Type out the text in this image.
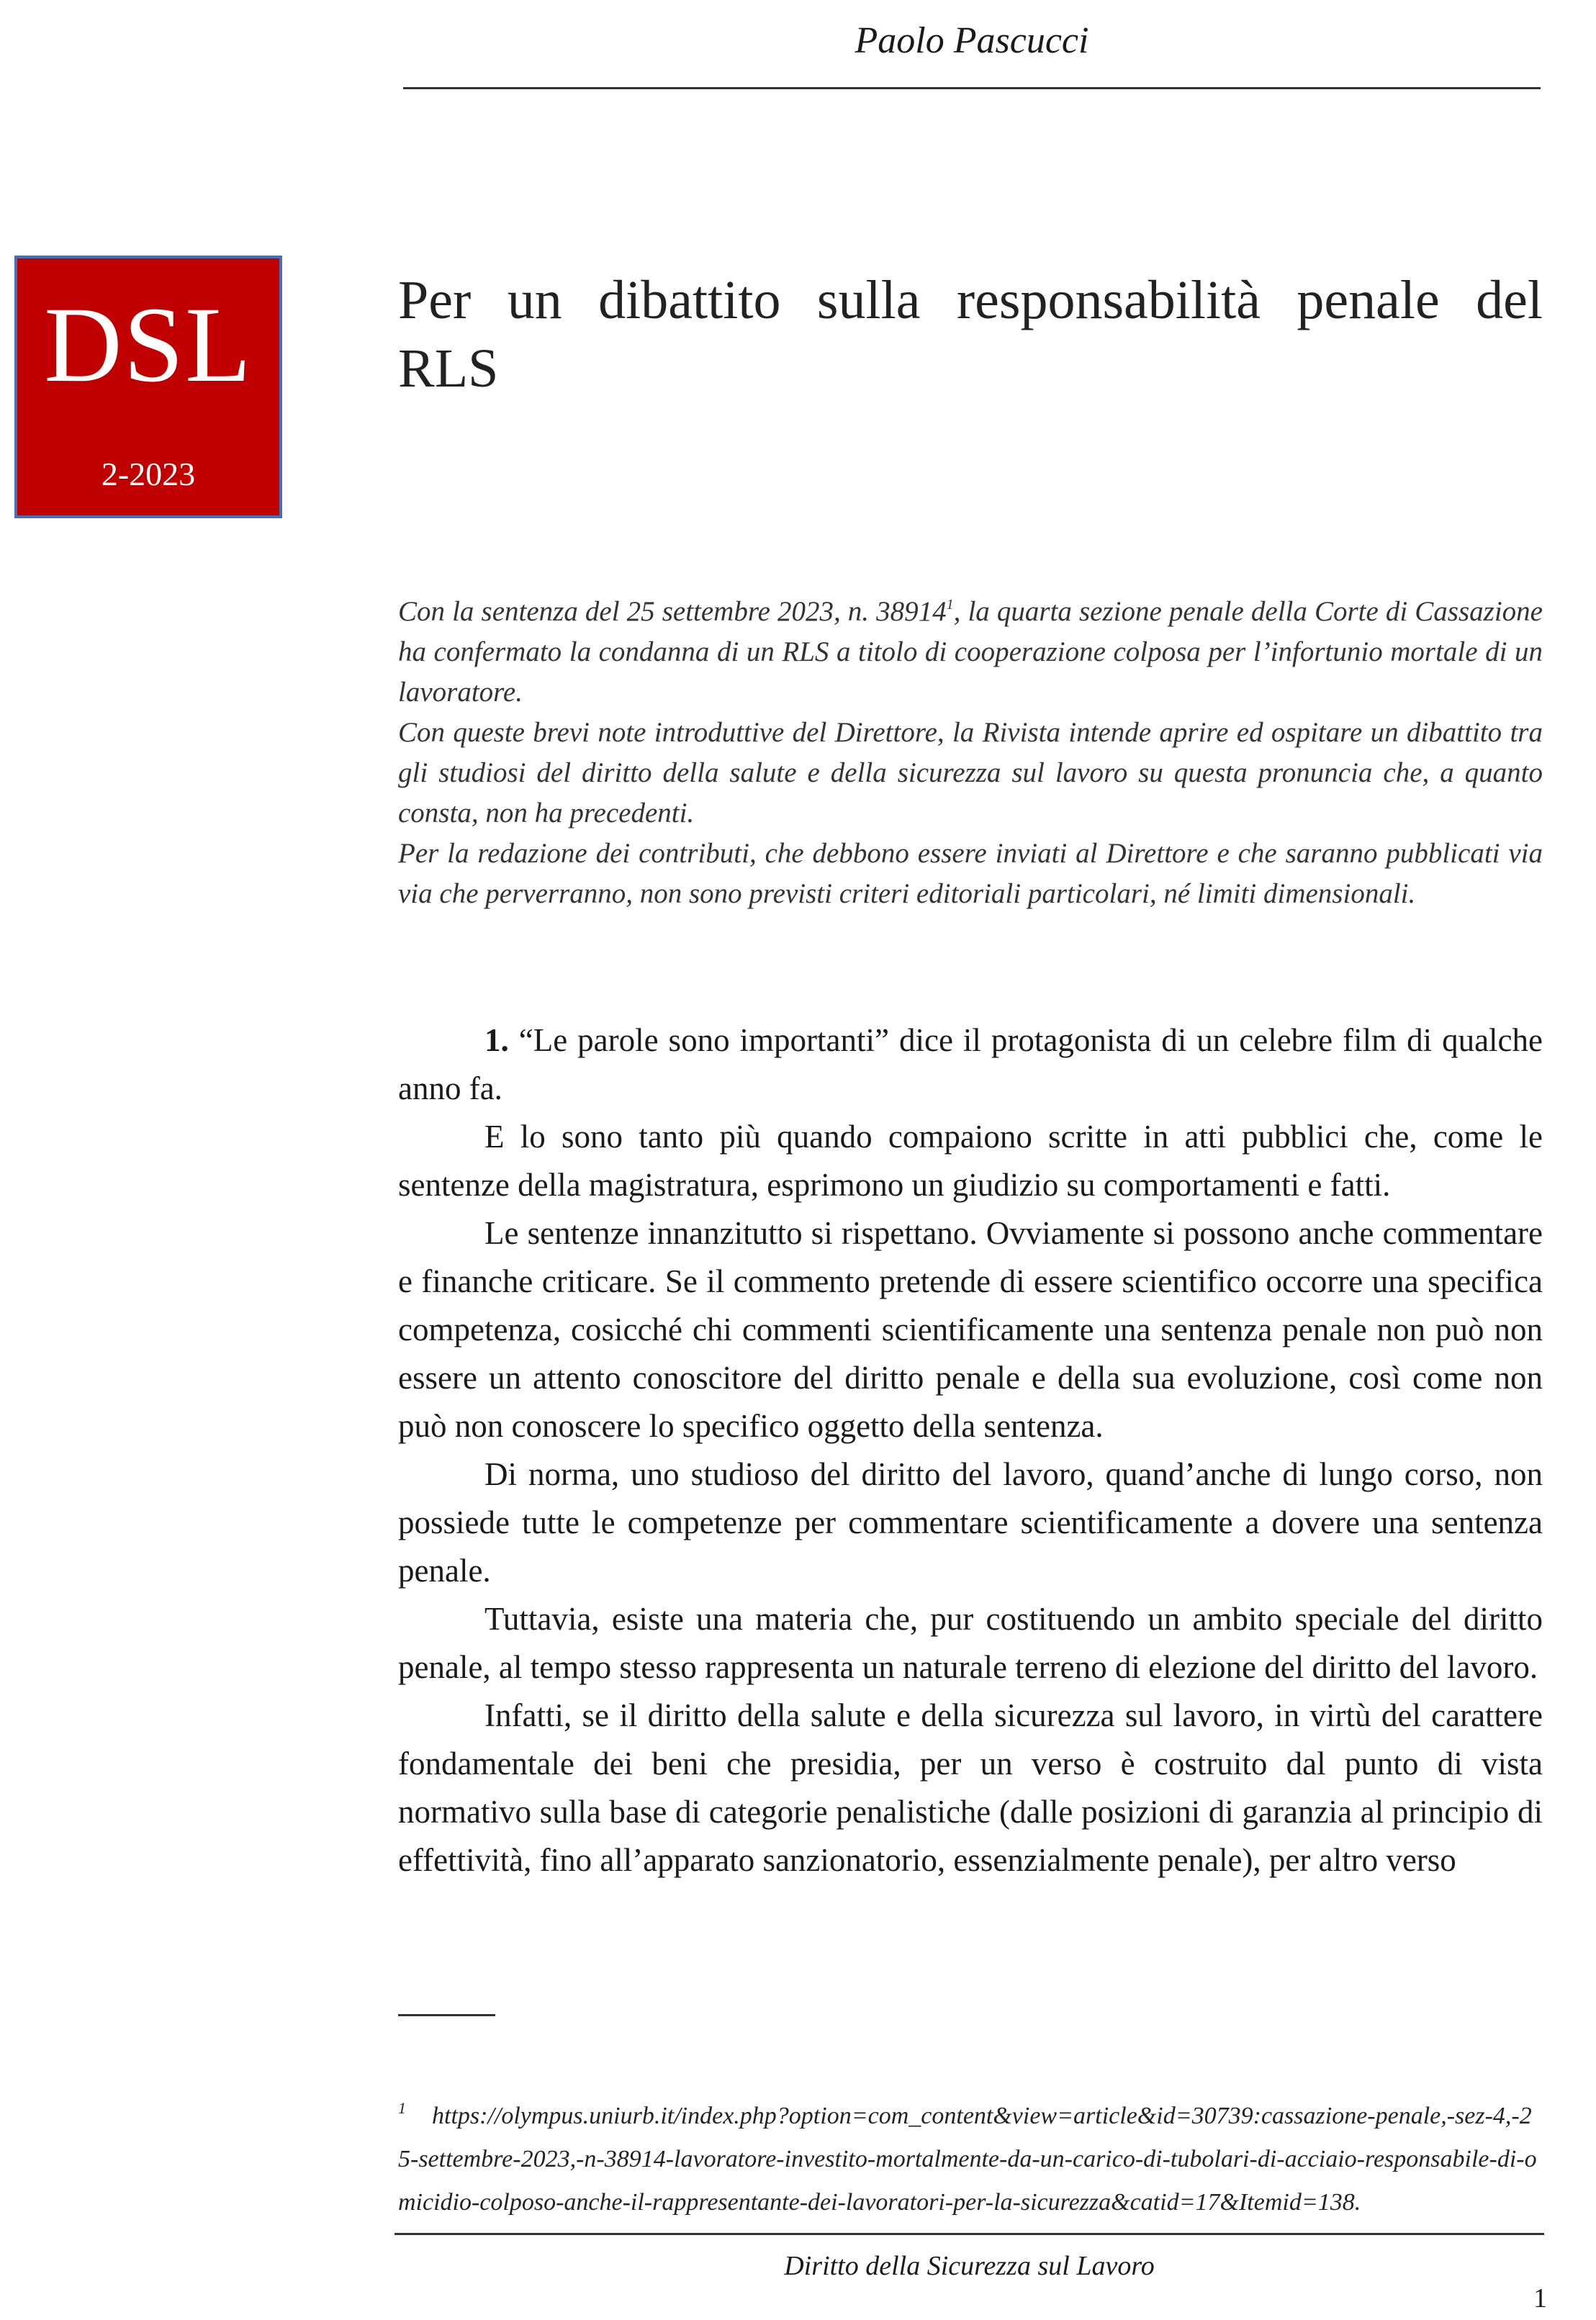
Paolo Pascucci
DSL
2-2023
Per un dibattito sulla responsabilità penale del RLS

Con la sentenza del 25 settembre 2023, n. 38914$^1$, la quarta sezione penale della Corte di Cassazione ha confermato la condanna di un RLS a titolo di cooperazione colposa per l’infortunio mortale di un lavoratore.

Con queste brevi note introduttive del Direttore, la Rivista intende aprire ed ospitare un dibattito tra gli studiosi del diritto della salute e della sicurezza sul lavoro su questa pronuncia che, a quanto consta, non ha precedenti.

Per la redazione dei contributi, che debbono essere inviati al Direttore e che saranno pubblicati via via che perverranno, non sono previsti criteri editoriali particolari, né limiti dimensionali.

1. “Le parole sono importanti” dice il protagonista di un celebre film di qualche anno fa.

E lo sono tanto più quando compaiono scritte in atti pubblici che, come le sentenze della magistratura, esprimono un giudizio su comportamenti e fatti.

Le sentenze innanzitutto si rispettano. Ovviamente si possono anche commentare e finanche criticare. Se il commento pretende di essere scientifico occorre una specifica competenza, cosicché chi commenti scientificamente una sentenza penale non può non essere un attento conoscitore del diritto penale e della sua evoluzione, così come non può non conoscere lo specifico oggetto della sentenza.

Di norma, uno studioso del diritto del lavoro, quand’anche di lungo corso, non possiede tutte le competenze per commentare scientificamente a dovere una sentenza penale.

Tuttavia, esiste una materia che, pur costituendo un ambito speciale del diritto penale, al tempo stesso rappresenta un naturale terreno di elezione del diritto del lavoro.

Infatti, se il diritto della salute e della sicurezza sul lavoro, in virtù del carattere fondamentale dei beni che presidia, per un verso è costruito dal punto di vista normativo sulla base di categorie penalistiche (dalle posizioni di garanzia al principio di effettività, fino all’apparato sanzionatorio, essenzialmente penale), per altro verso

$^1$ https://olympus.uniurb.it/index.php?option=com_content&view=article&id=30739:cassazione-penale,-sez-4,-25-settembre-2023,-n-38914-lavoratore-investito-mortalmente-da-un-carico-di-tubolari-di-acciaio-responsabile-di-omicidio-colposo-anche-il-rappresentante-dei-lavoratori-per-la-sicurezza&catid=17&Itemid=138.
Diritto della Sicurezza sul Lavoro
1
